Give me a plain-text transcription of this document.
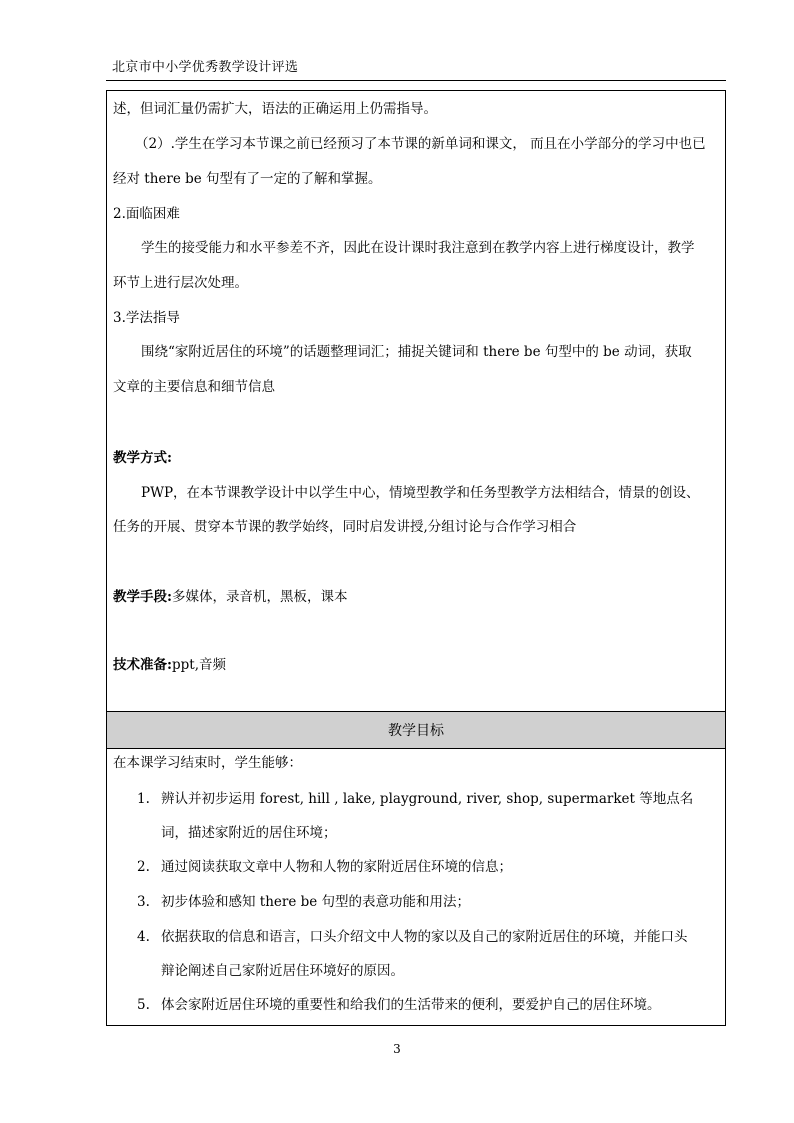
北京市中小学优秀教学设计评选
述，但词汇量仍需扩大，语法的正确运用上仍需指导。
（2）.学生在学习本节课之前已经预习了本节课的新单词和课文， 而且在小学部分的学习中也已
经对 there be 句型有了一定的了解和掌握。
2.面临困难
学生的接受能力和水平参差不齐，因此在设计课时我注意到在教学内容上进行梯度设计，教学
环节上进行层次处理。
3.学法指导
围绕“家附近居住的环境”的话题整理词汇；捕捉关键词和 there be 句型中的 be 动词，获取
文章的主要信息和细节信息
教学方式:
PWP，在本节课教学设计中以学生中心，情境型教学和任务型教学方法相结合，情景的创设、
任务的开展、贯穿本节课的教学始终，同时启发讲授,分组讨论与合作学习相合
教学手段:多媒体，录音机，黑板，课本
技术准备:ppt,音频
教学目标
在本课学习结束时，学生能够：
1. 辨认并初步运用 forest, hill , lake, playground, river, shop, supermarket 等地点名
词，描述家附近的居住环境；
2. 通过阅读获取文章中人物和人物的家附近居住环境的信息；
3. 初步体验和感知 there be 句型的表意功能和用法；
4. 依据获取的信息和语言，口头介绍文中人物的家以及自己的家附近居住的环境，并能口头
辩论阐述自己家附近居住环境好的原因。
5. 体会家附近居住环境的重要性和给我们的生活带来的便利，要爱护自己的居住环境。
3
